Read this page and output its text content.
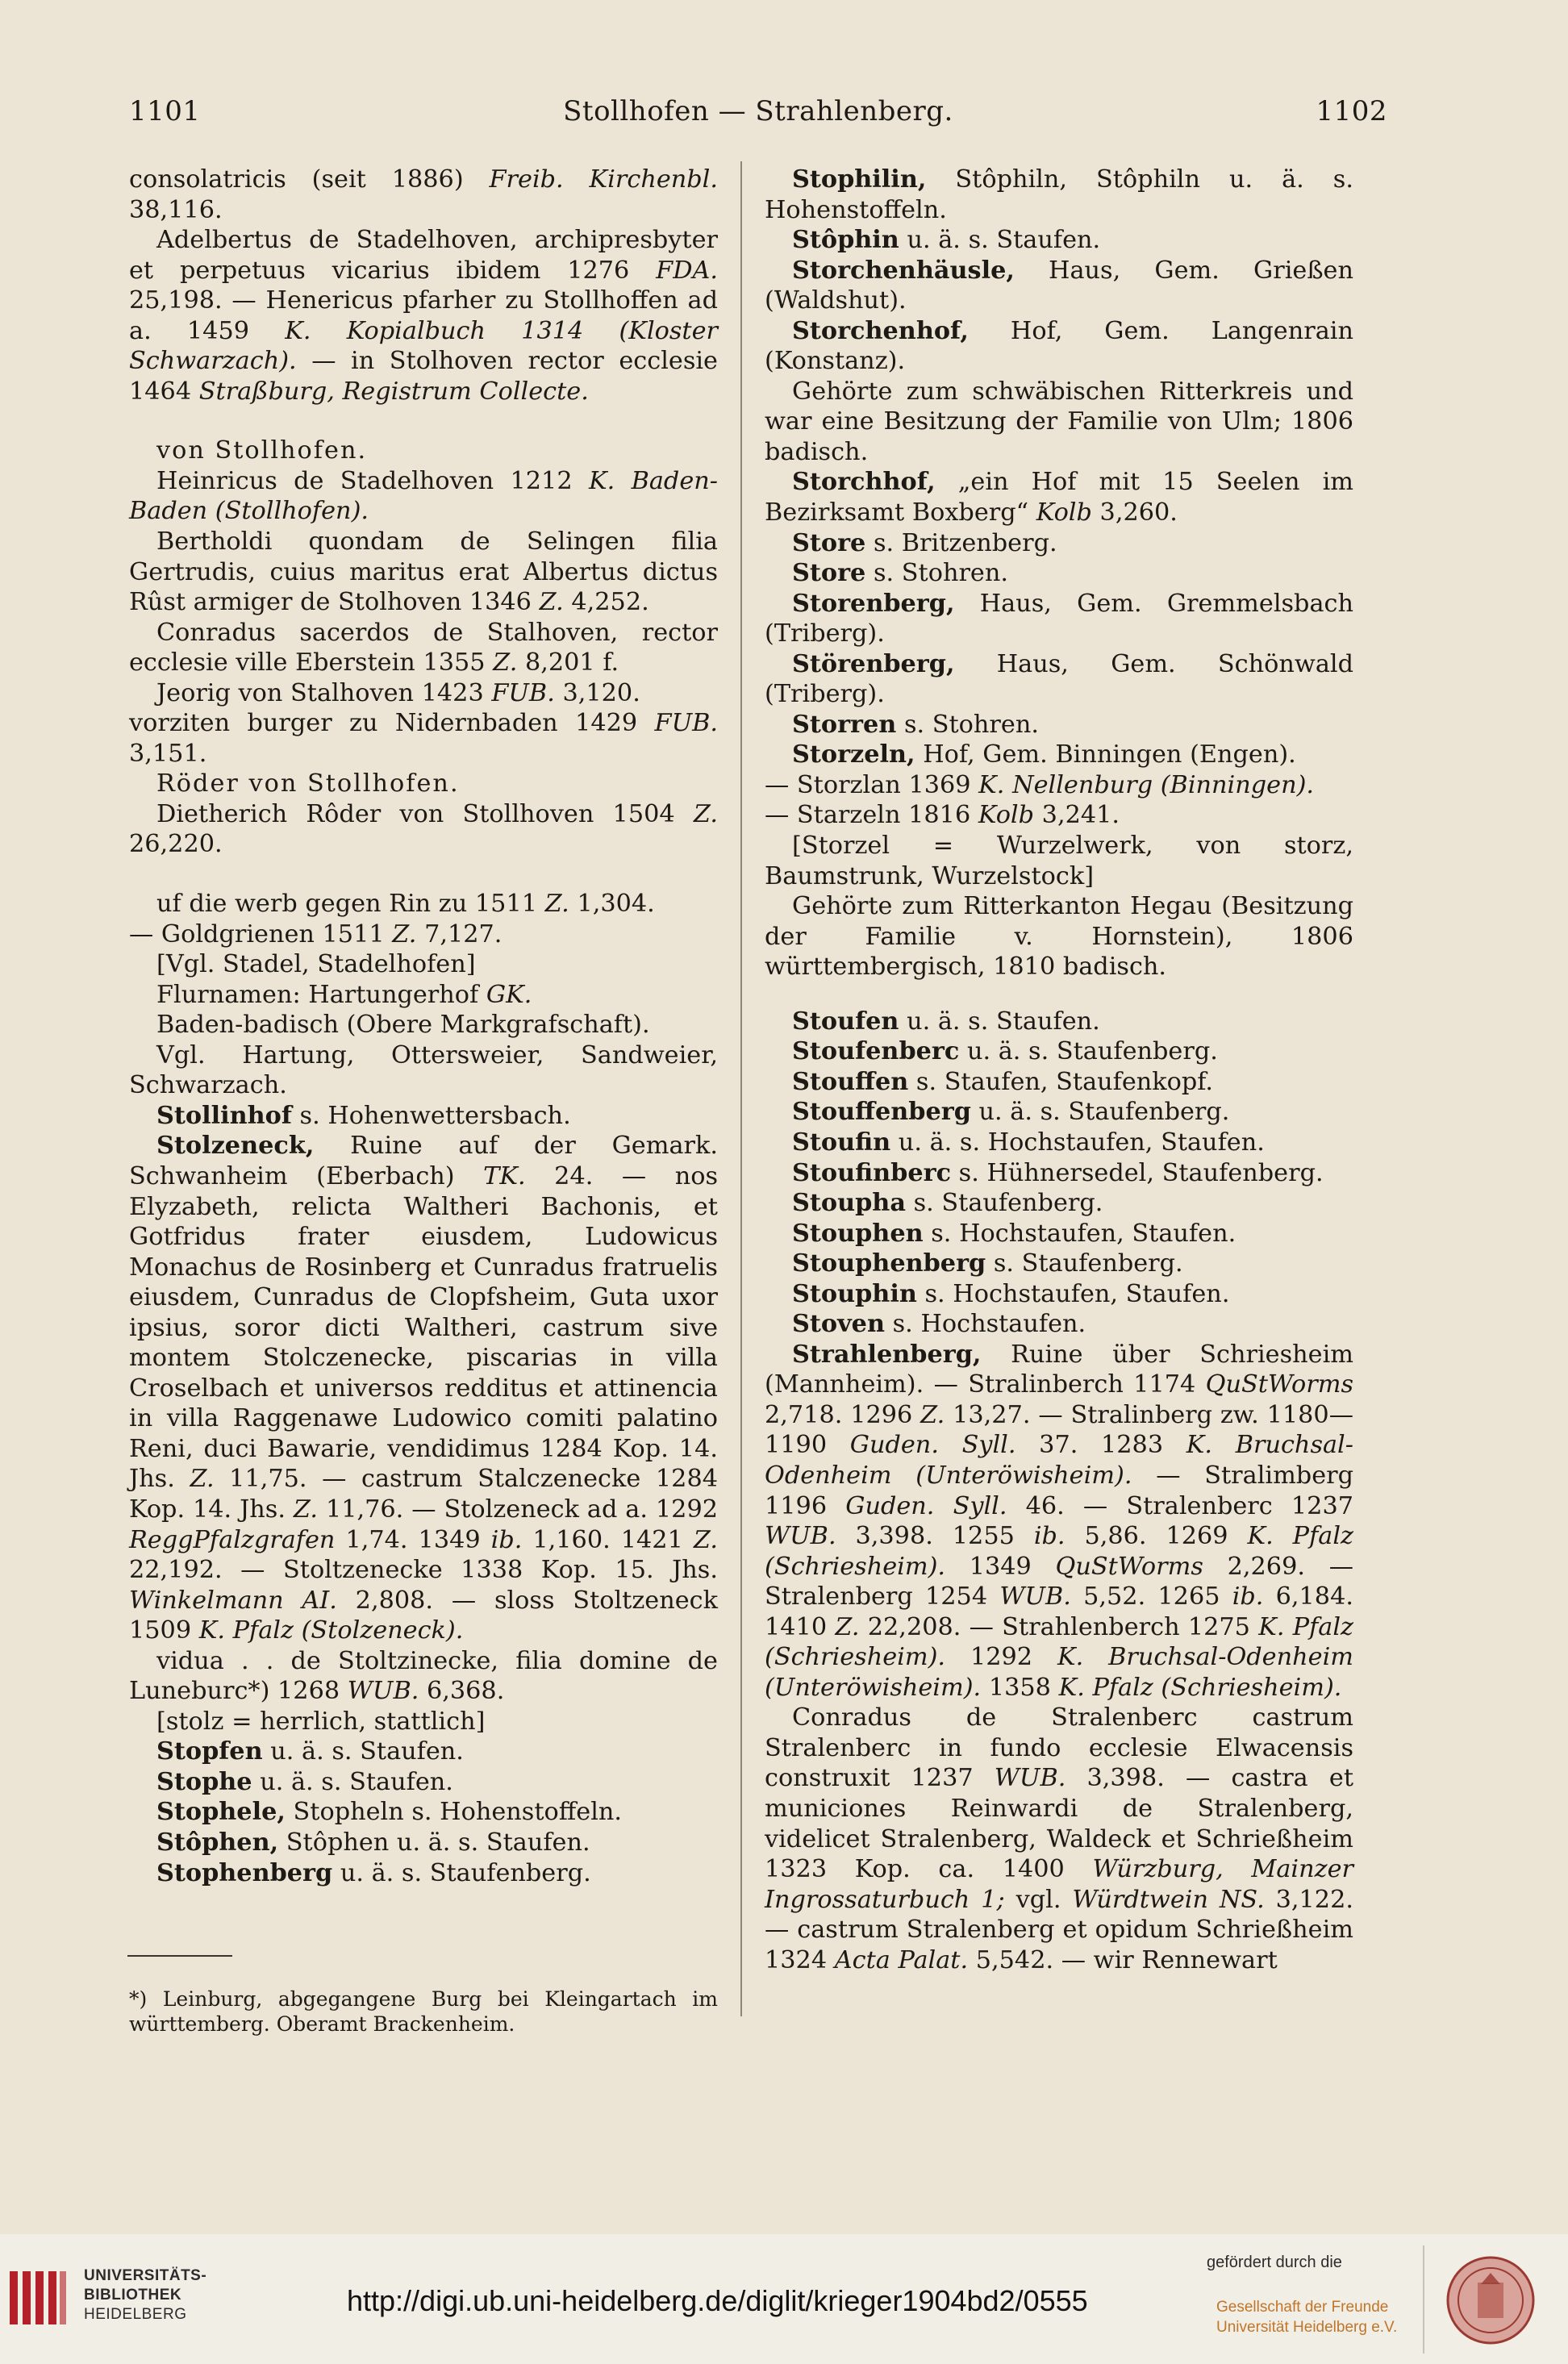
1101	Stollhofen — Strahlenberg.	1102

consolatricis (seit 1886) Freib. Kirchenbl. 38,116.

Adelbertus de Stadelhoven, archipresbyter et perpetuus vicarius ibidem 1276 FDA. 25,198. — Henericus pfarher zu Stollhoffen ad a. 1459 K. Kopialbuch 1314 (Kloster Schwarzach). — in Stolhoven rector ecclesie 1464 Straßburg, Registrum Collecte.

von Stollhofen.

Heinricus de Stadelhoven 1212 K. Baden-Baden (Stollhofen).

Bertholdi quondam de Selingen filia Gertrudis, cuius maritus erat Albertus dictus Rûst armiger de Stolhoven 1346 Z. 4,252.

Conradus sacerdos de Stalhoven, rector ecclesie ville Eberstein 1355 Z. 8,201 f.

Jeorig von Stalhoven 1423 FUB. 3,120.

vorziten burger zu Nidernbaden 1429 FUB. 3,151.

Röder von Stollhofen.

Dietherich Rôder von Stollhoven 1504 Z. 26,220.

uf die werb gegen Rin zu 1511 Z. 1,304.

— Goldgrienen 1511 Z. 7,127.

[Vgl. Stadel, Stadelhofen]

Flurnamen: Hartungerhof GK.

Baden-badisch (Obere Markgrafschaft).

Vgl. Hartung, Ottersweier, Sandweier, Schwarzach.

Stollinhof s. Hohenwettersbach.

Stolzeneck, Ruine auf der Gemark. Schwanheim (Eberbach) TK. 24. — nos Elyzabeth, relicta Waltheri Bachonis, et Gotfridus frater eiusdem, Ludowicus Monachus de Rosinberg et Cunradus fratruelis eiusdem, Cunradus de Clopfsheim, Guta uxor ipsius, soror dicti Waltheri, castrum sive montem Stolczenecke, piscarias in villa Croselbach et universos redditus et attinencia in villa Raggenawe Ludowico comiti palatino Reni, duci Bawarie, vendidimus 1284 Kop. 14. Jhs. Z. 11,75. — castrum Stalczenecke 1284 Kop. 14. Jhs. Z. 11,76. — Stolzeneck ad a. 1292 ReggPfalzgrafen 1,74. 1349 ib. 1,160. 1421 Z. 22,192. — Stoltzenecke 1338 Kop. 15. Jhs. Winkelmann AI. 2,808. — sloss Stoltzeneck 1509 K. Pfalz (Stolzeneck).

vidua . . de Stoltzinecke, filia domine de Luneburc*) 1268 WUB. 6,368.

[stolz = herrlich, stattlich]

Stopfen u. ä. s. Staufen.

Stophe u. ä. s. Staufen.

Stophele, Stopheln s. Hohenstoffeln.

Stôphen, Stôphen u. ä. s. Staufen.

Stophenberg u. ä. s. Staufenberg.

*) Leinburg, abgegangene Burg bei Kleingartach im württemberg. Oberamt Brackenheim.

Stophilin, Stôphiln, Stôphiln u. ä. s. Hohenstoffeln.

Stôphin u. ä. s. Staufen.

Storchenhäusle, Haus, Gem. Grießen (Waldshut).

Storchenhof, Hof, Gem. Langenrain (Konstanz).

Gehörte zum schwäbischen Ritterkreis und war eine Besitzung der Familie von Ulm; 1806 badisch.

Storchhof, „ein Hof mit 15 Seelen im Bezirksamt Boxberg“ Kolb 3,260.

Store s. Britzenberg.

Store s. Stohren.

Storenberg, Haus, Gem. Gremmelsbach (Triberg).

Störenberg, Haus, Gem. Schönwald (Triberg).

Storren s. Stohren.

Storzeln, Hof, Gem. Binningen (Engen).

— Storzlan 1369 K. Nellenburg (Binningen).

— Starzeln 1816 Kolb 3,241.

[Storzel = Wurzelwerk, von storz, Baumstrunk, Wurzelstock]

Gehörte zum Ritterkanton Hegau (Besitzung der Familie v. Hornstein), 1806 württembergisch, 1810 badisch.

Stoufen u. ä. s. Staufen.

Stoufenberc u. ä. s. Staufenberg.

Stouffen s. Staufen, Staufenkopf.

Stouffenberg u. ä. s. Staufenberg.

Stoufin u. ä. s. Hochstaufen, Staufen.

Stoufinberc s. Hühnersedel, Staufenberg.

Stoupha s. Staufenberg.

Stouphen s. Hochstaufen, Staufen.

Stouphenberg s. Staufenberg.

Stouphin s. Hochstaufen, Staufen.

Stoven s. Hochstaufen.

Strahlenberg, Ruine über Schriesheim (Mannheim). — Stralinberch 1174 QuStWorms 2,718. 1296 Z. 13,27. — Stralinberg zw. 1180—1190 Guden. Syll. 37. 1283 K. Bruchsal-Odenheim (Unteröwisheim). — Stralimberg 1196 Guden. Syll. 46. — Stralenberc 1237 WUB. 3,398. 1255 ib. 5,86. 1269 K. Pfalz (Schriesheim). 1349 QuStWorms 2,269. — Stralenberg 1254 WUB. 5,52. 1265 ib. 6,184. 1410 Z. 22,208. — Strahlenberch 1275 K. Pfalz (Schriesheim). 1292 K. Bruchsal-Odenheim (Unteröwisheim). 1358 K. Pfalz (Schriesheim).

Conradus de Stralenberc castrum Stralenberc in fundo ecclesie Elwacensis construxit 1237 WUB. 3,398. — castra et municiones Reinwardi de Stralenberg, videlicet Stralenberg, Waldeck et Schrießheim 1323 Kop. ca. 1400 Würzburg, Mainzer Ingrossaturbuch 1; vgl. Würdtwein NS. 3,122. — castrum Stralenberg et opidum Schrießheim 1324 Acta Palat. 5,542. — wir Rennewart

UNIVERSITÄTS-
BIBLIOTHEK
HEIDELBERG	http://digi.ub.uni-heidelberg.de/diglit/krieger1904bd2/0555
gefördert durch die
Gesellschaft der Freunde
Universität Heidelberg e.V.
